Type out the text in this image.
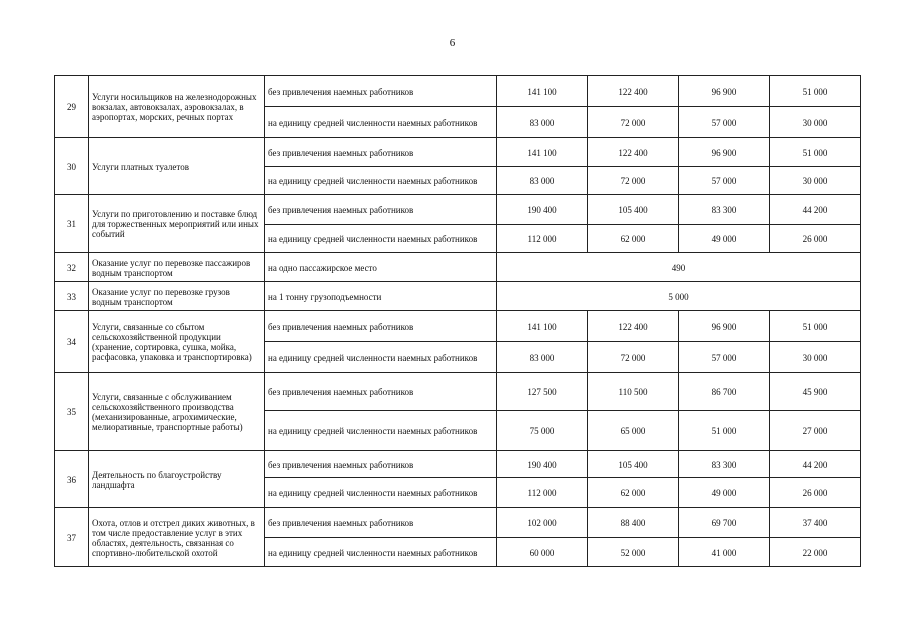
6
29	Услуги носильщиков на железнодорожных вокзалах, автовокзалах, аэровокзалах, в аэропортах, морских, речных портах	без привлечения наемных работников	141 100	122 400	96 900	51 000
		на единицу средней численности наемных работников	83 000	72 000	57 000	30 000
30	Услуги платных туалетов	без привлечения наемных работников	141 100	122 400	96 900	51 000
		на единицу средней численности наемных работников	83 000	72 000	57 000	30 000
31	Услуги по приготовлению и поставке блюд для торжественных мероприятий или иных событий	без привлечения наемных работников	190 400	105 400	83 300	44 200
		на единицу средней численности наемных работников	112 000	62 000	49 000	26 000
32	Оказание услуг по перевозке пассажиров водным транспортом	на одно пассажирское место	490			
33	Оказание услуг по перевозке грузов водным транспортом	на 1 тонну грузоподъемности	5 000			
34	Услуги, связанные со сбытом сельскохозяйственной продукции (хранение, сортировка, сушка, мойка, расфасовка, упаковка и транспортировка)	без привлечения наемных работников	141 100	122 400	96 900	51 000
		на единицу средней численности наемных работников	83 000	72 000	57 000	30 000
35	Услуги, связанные с обслуживанием сельскохозяйственного производства (механизированные, агрохимические, мелиоративные, транспортные работы)	без привлечения наемных работников	127 500	110 500	86 700	45 900
		на единицу средней численности наемных работников	75 000	65 000	51 000	27 000
36	Деятельность по благоустройству ландшафта	без привлечения наемных работников	190 400	105 400	83 300	44 200
		на единицу средней численности наемных работников	112 000	62 000	49 000	26 000
37	Охота, отлов и отстрел диких животных, в том числе предоставление услуг в этих областях, деятельность, связанная со спортивно-любительской охотой	без привлечения наемных работников	102 000	88 400	69 700	37 400
		на единицу средней численности наемных работников	60 000	52 000	41 000	22 000
